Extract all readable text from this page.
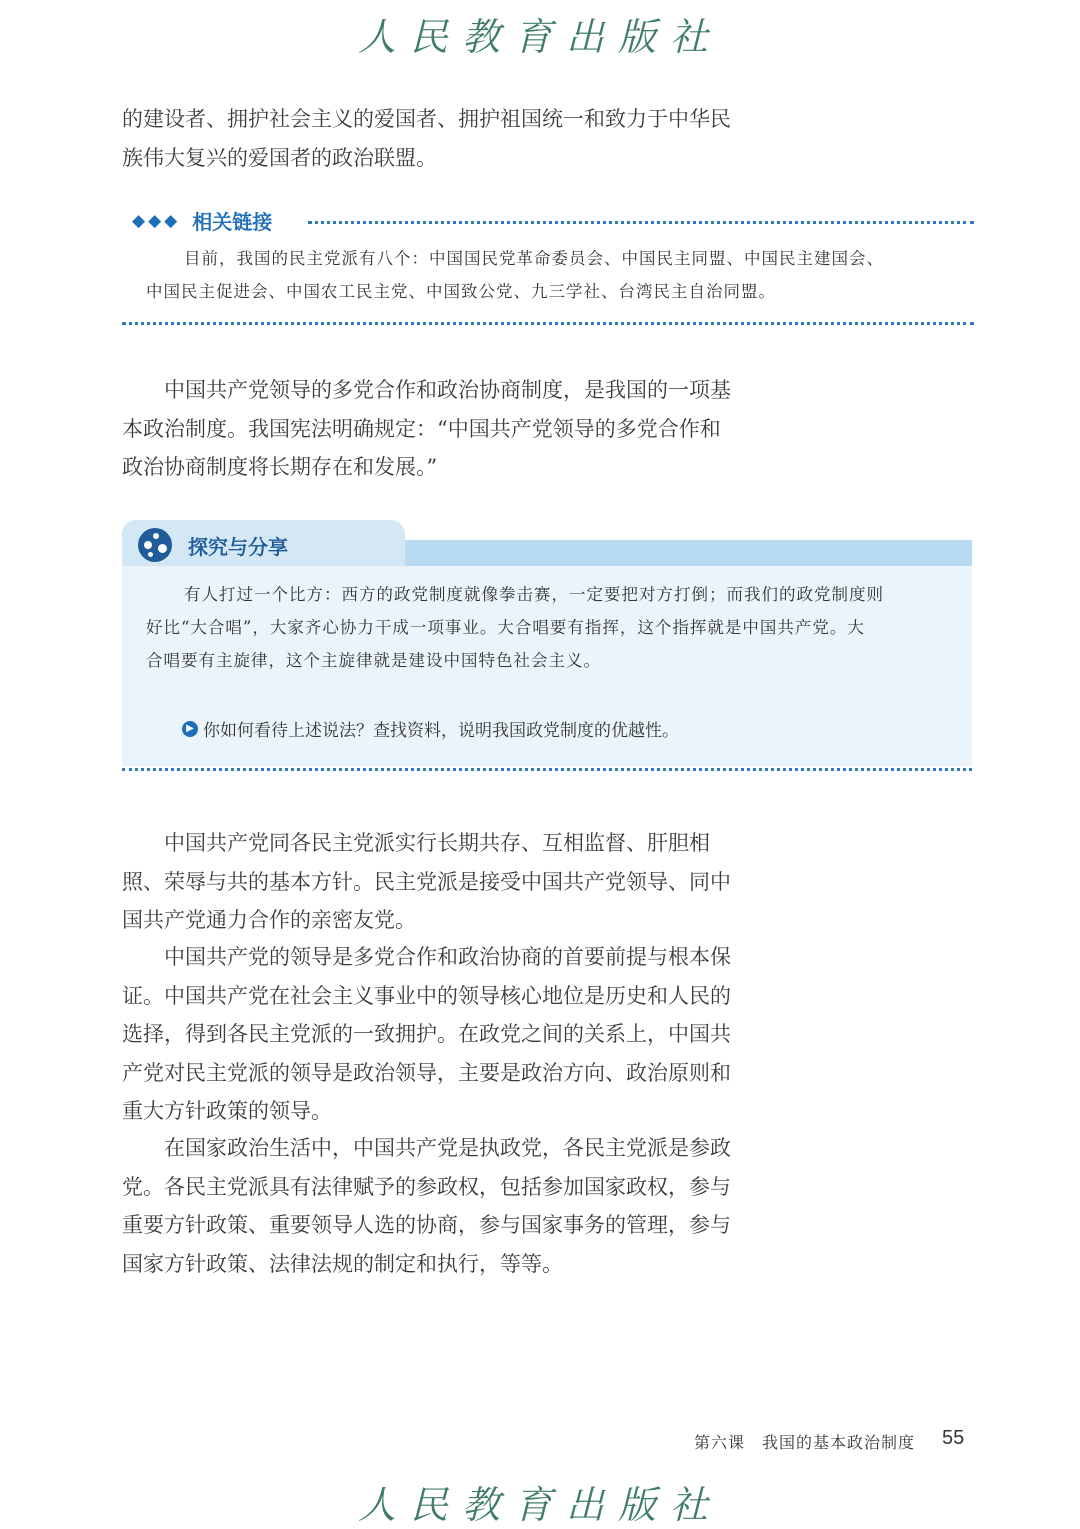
人民教育出版社

的建设者、拥护社会主义的爱国者、拥护祖国统一和致力于中华民

族伟大复兴的爱国者的政治联盟。

◆◆◆ 相关链接

目前，我国的民主党派有八个：中国国民党革命委员会、中国民主同盟、中国民主建国会、

中国民主促进会、中国农工民主党、中国致公党、九三学社、台湾民主自治同盟。

中国共产党领导的多党合作和政治协商制度，是我国的一项基

本政治制度。我国宪法明确规定：“中国共产党领导的多党合作和

政治协商制度将长期存在和发展。”

探究与分享

有人打过一个比方：西方的政党制度就像拳击赛，一定要把对方打倒；而我们的政党制度则

好比“大合唱”，大家齐心协力干成一项事业。大合唱要有指挥，这个指挥就是中国共产党。大

合唱要有主旋律，这个主旋律就是建设中国特色社会主义。

▶ 你如何看待上述说法？查找资料，说明我国政党制度的优越性。

中国共产党同各民主党派实行长期共存、互相监督、肝胆相

照、荣辱与共的基本方针。民主党派是接受中国共产党领导、同中

国共产党通力合作的亲密友党。

中国共产党的领导是多党合作和政治协商的首要前提与根本保

证。中国共产党在社会主义事业中的领导核心地位是历史和人民的

选择，得到各民主党派的一致拥护。在政党之间的关系上，中国共

产党对民主党派的领导是政治领导，主要是政治方向、政治原则和

重大方针政策的领导。

在国家政治生活中，中国共产党是执政党，各民主党派是参政

党。各民主党派具有法律赋予的参政权，包括参加国家政权，参与

重要方针政策、重要领导人选的协商，参与国家事务的管理，参与

国家方针政策、法律法规的制定和执行，等等。

第六课　我国的基本政治制度 55
人民教育出版社
